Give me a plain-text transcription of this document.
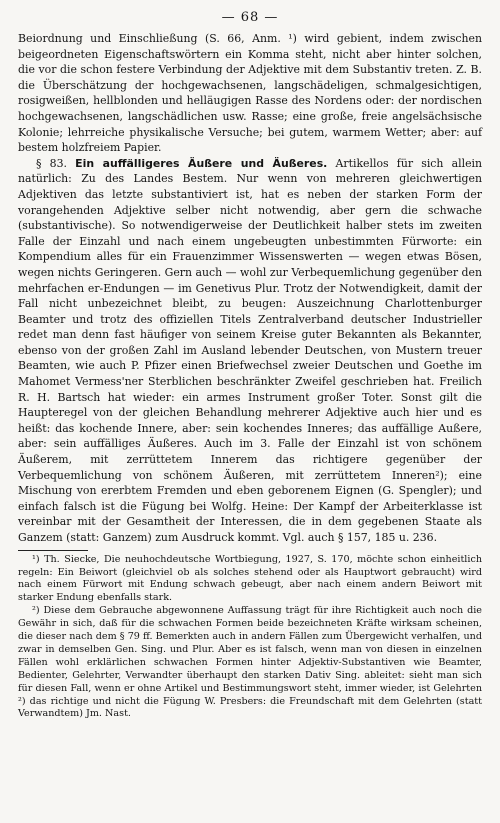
— 68 —

Beiordnung und Einschließung (S. 66, Anm. ¹) wird gebient, indem zwischen beigeordneten Eigenschaftswörtern ein Komma steht, nicht aber hinter solchen, die vor die schon festere Verbindung der Adjektive mit dem Substantiv treten. Z. B. die Überschätzung der hochgewachsenen, langschädeligen, schmalgesichtigen, rosigweißen, hellblonden und helläugigen Rasse des Nordens oder: der nordischen hochgewachsenen, langschädlichen usw. Rasse; eine große, freie angelsächsische Kolonie; lehrreiche physikalische Versuche; bei gutem, warmem Wetter; aber: auf bestem holzfreiem Papier.

§ 83. Ein auffälligeres Äußere und Äußeres. Artikellos für sich allein natürlich: Zu des Landes Bestem. Nur wenn von mehreren gleichwertigen Adjektiven das letzte substantiviert ist, hat es neben der starken Form der vorangehenden Adjektive selber nicht notwendig, aber gern die schwache (substantivische). So notwendigerweise der Deutlichkeit halber stets im zweiten Falle der Einzahl und nach einem ungebeugten unbestimmten Fürworte: ein Kompendium alles für ein Frauenzimmer Wissenswerten — wegen etwas Bösen, wegen nichts Geringeren. Gern auch — wohl zur Verbequemlichung gegenüber den mehrfachen er-Endungen — im Genetivus Plur. Trotz der Notwendigkeit, damit der Fall nicht unbezeichnet bleibt, zu beugen: Auszeichnung Charlottenburger Beamter und trotz des offiziellen Titels Zentralverband deutscher Industrieller redet man denn fast häufiger von seinem Kreise guter Bekannten als Bekannter, ebenso von der großen Zahl im Ausland lebender Deutschen, von Mustern treuer Beamten, wie auch P. Pfizer einen Briefwechsel zweier Deutschen und Goethe im Mahomet Vermess'ner Sterblichen beschränkter Zweifel geschrieben hat. Freilich R. H. Bartsch hat wieder: ein armes Instrument großer Toter. Sonst gilt die Haupteregel von der gleichen Behandlung mehrerer Adjektive auch hier und es heißt: das kochende Innere, aber: sein kochendes Inneres; das auffällige Außere, aber: sein auffälliges Äußeres. Auch im 3. Falle der Einzahl ist von schönem Äußerem, mit zerrüttetem Innerem das richtigere gegenüber der Verbequemlichung von schönem Äußeren, mit zerrüttetem Inneren²); eine Mischung von ererbtem Fremden und eben geborenem Eignen (G. Spengler); und einfach falsch ist die Fügung bei Wolfg. Heine: Der Kampf der Arbeiterklasse ist vereinbar mit der Gesamtheit der Interessen, die in dem gegebenen Staate als Ganzem (statt: Ganzem) zum Ausdruck kommt. Vgl. auch § 157, 185 u. 236.

¹) Th. Siecke, Die neuhochdeutsche Wortbiegung, 1927, S. 170, möchte schon einheitlich regeln: Ein Beiwort (gleichviel ob als solches stehend oder als Hauptwort gebraucht) wird nach einem Fürwort mit Endung schwach gebeugt, aber nach einem andern Beiwort mit starker Endung ebenfalls stark.

²) Diese dem Gebrauche abgewonnene Auffassung trägt für ihre Richtigkeit auch noch die Gewähr in sich, daß für die schwachen Formen beide bezeichneten Kräfte wirksam scheinen, die dieser nach dem § 79 ff. Bemerkten auch in andern Fällen zum Übergewicht verhalfen, und zwar in demselben Gen. Sing. und Plur. Aber es ist falsch, wenn man von diesen in einzelnen Fällen wohl erklärlichen schwachen Formen hinter Adjektiv-Substantiven wie Beamter, Bedienter, Gelehrter, Verwandter überhaupt den starken Dativ Sing. ableitet: sieht man sich für diesen Fall, wenn er ohne Artikel und Bestimmungswort steht, immer wieder, ist Gelehrten ²) das richtige und nicht die Fügung W. Presbers: die Freundschaft mit dem Gelehrten (statt Verwandtem) Jm. Nast.
